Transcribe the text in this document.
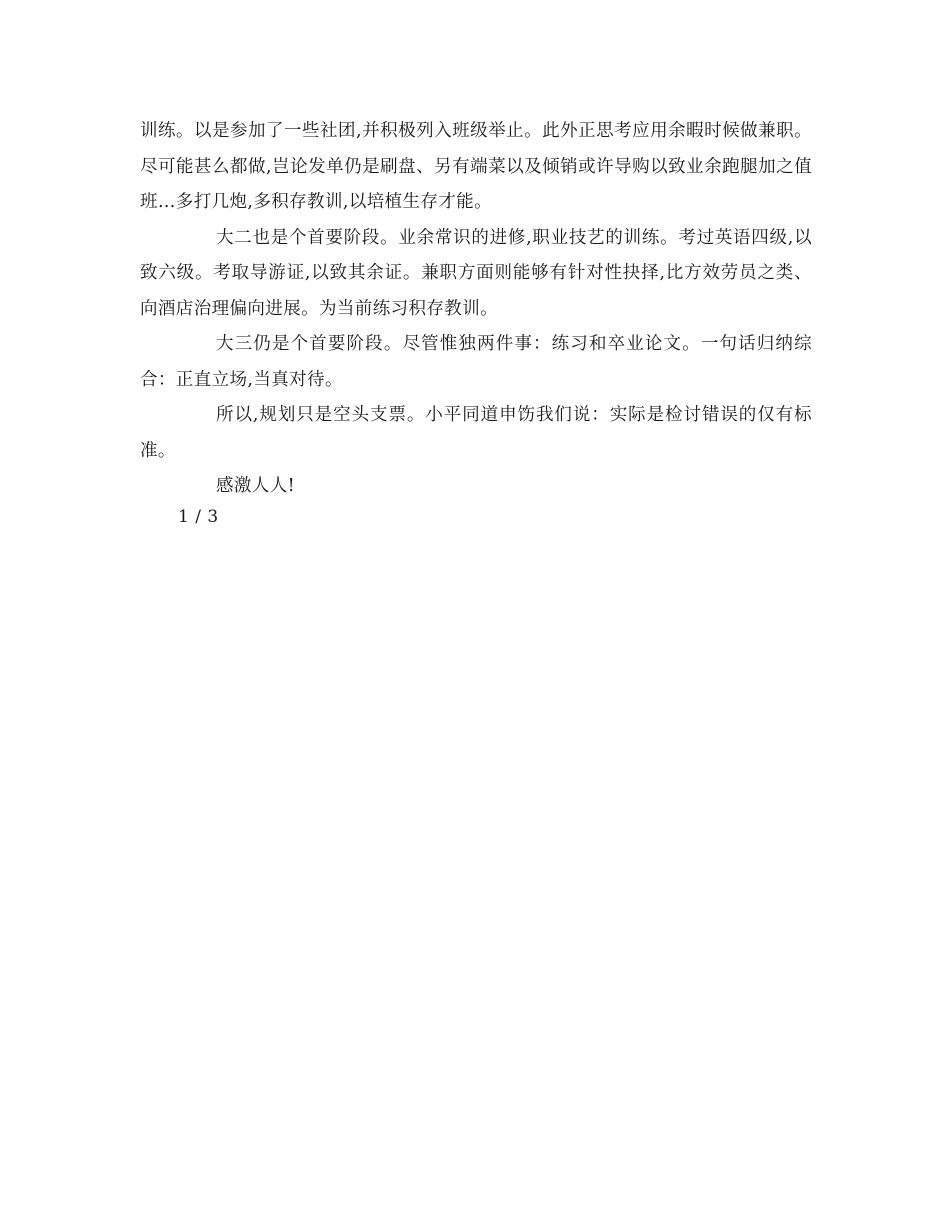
训练。以是参加了一些社团,并积极列入班级举止。此外正思考应用余暇时候做兼职。尽可能甚么都做,岂论发单仍是刷盘、另有端菜以及倾销或许导购以致业余跑腿加之值班…多打几炮,多积存教训,以培植生存才能。

大二也是个首要阶段。业余常识的进修,职业技艺的训练。考过英语四级,以致六级。考取导游证,以致其余证。兼职方面则能够有针对性抉择,比方效劳员之类、向酒店治理偏向进展。为当前练习积存教训。

大三仍是个首要阶段。尽管惟独两件事：练习和卒业论文。一句话归纳综合：正直立场,当真对待。

所以,规划只是空头支票。小平同道申饬我们说：实际是检讨错误的仅有标准。

感激人人!

1 / 3
